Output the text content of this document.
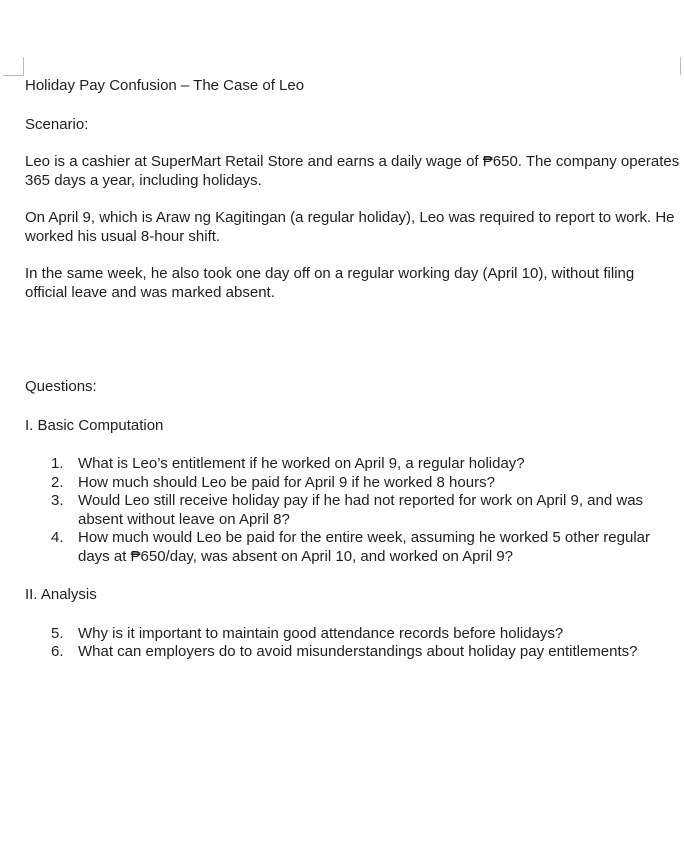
Holiday Pay Confusion – The Case of Leo

Scenario:

Leo is a cashier at SuperMart Retail Store and earns a daily wage of ₱650. The company operates 365 days a year, including holidays.

On April 9, which is Araw ng Kagitingan (a regular holiday), Leo was required to report to work. He worked his usual 8-hour shift.

In the same week, he also took one day off on a regular working day (April 10), without filing official leave and was marked absent.

Questions:

I. Basic Computation

1. What is Leo’s entitlement if he worked on April 9, a regular holiday?
2. How much should Leo be paid for April 9 if he worked 8 hours?
3. Would Leo still receive holiday pay if he had not reported for work on April 9, and was absent without leave on April 8?
4. How much would Leo be paid for the entire week, assuming he worked 5 other regular days at ₱650/day, was absent on April 10, and worked on April 9?

II. Analysis

5. Why is it important to maintain good attendance records before holidays?
6. What can employers do to avoid misunderstandings about holiday pay entitlements?
